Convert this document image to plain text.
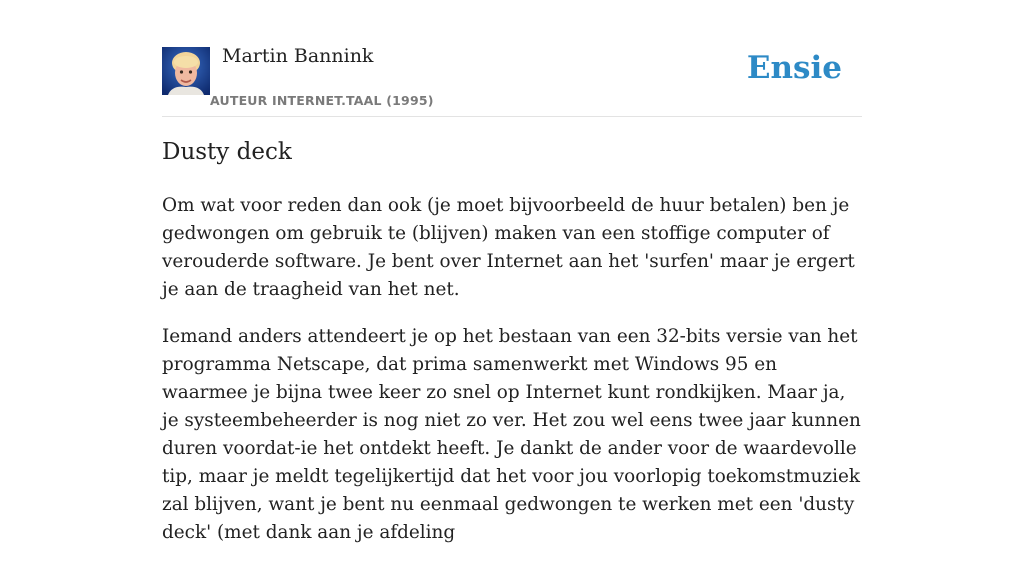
Martin Bannink
AUTEUR INTERNET.TAAL (1995)
Ensie
Dusty deck

Om wat voor reden dan ook (je moet bijvoorbeeld de huur betalen) ben je gedwongen om gebruik te (blijven) maken van een stoffige computer of verouderde software. Je bent over Internet aan het 'surfen' maar je ergert je aan de traagheid van het net.

Iemand anders attendeert je op het bestaan van een 32-bits versie van het programma Netscape, dat prima samenwerkt met Windows 95 en waarmee je bijna twee keer zo snel op Internet kunt rondkijken. Maar ja, je systeembeheerder is nog niet zo ver. Het zou wel eens twee jaar kunnen duren voordat-ie het ontdekt heeft. Je dankt de ander voor de waardevolle tip, maar je meldt tegelijkertijd dat het voor jou voorlopig toekomstmuziek zal blijven, want je bent nu eenmaal gedwongen te werken met een 'dusty deck' (met dank aan je afdeling
